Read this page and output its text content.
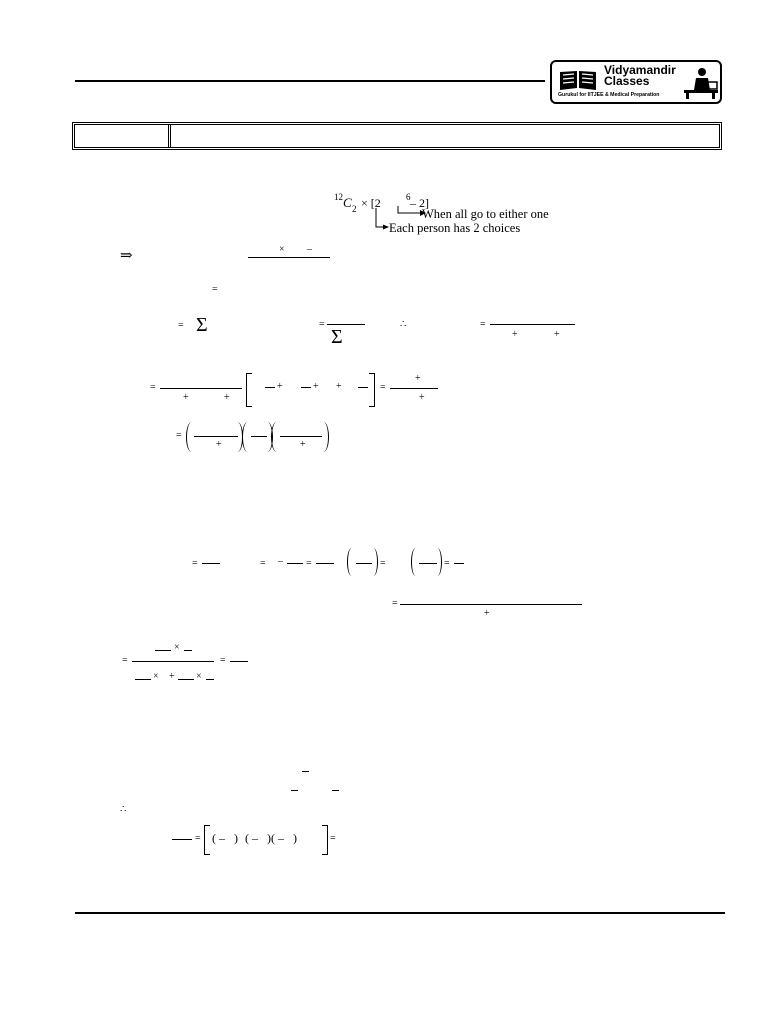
Vidyamandir
Classes
Gurukul for IITJEE & Medical Preparation
12 C 2 × [2	6 – 2]
When all go to either one
Each person has 2 choices
⇒	× –
=
= Σ	=
Σ
∴	=
+	+
=
+	+
+	+ +	=
+
+
=
+	+
=	= – =	=	=
=
+
×
=	=
× + ×
∴
= ( – ) ( – )( – )	=
